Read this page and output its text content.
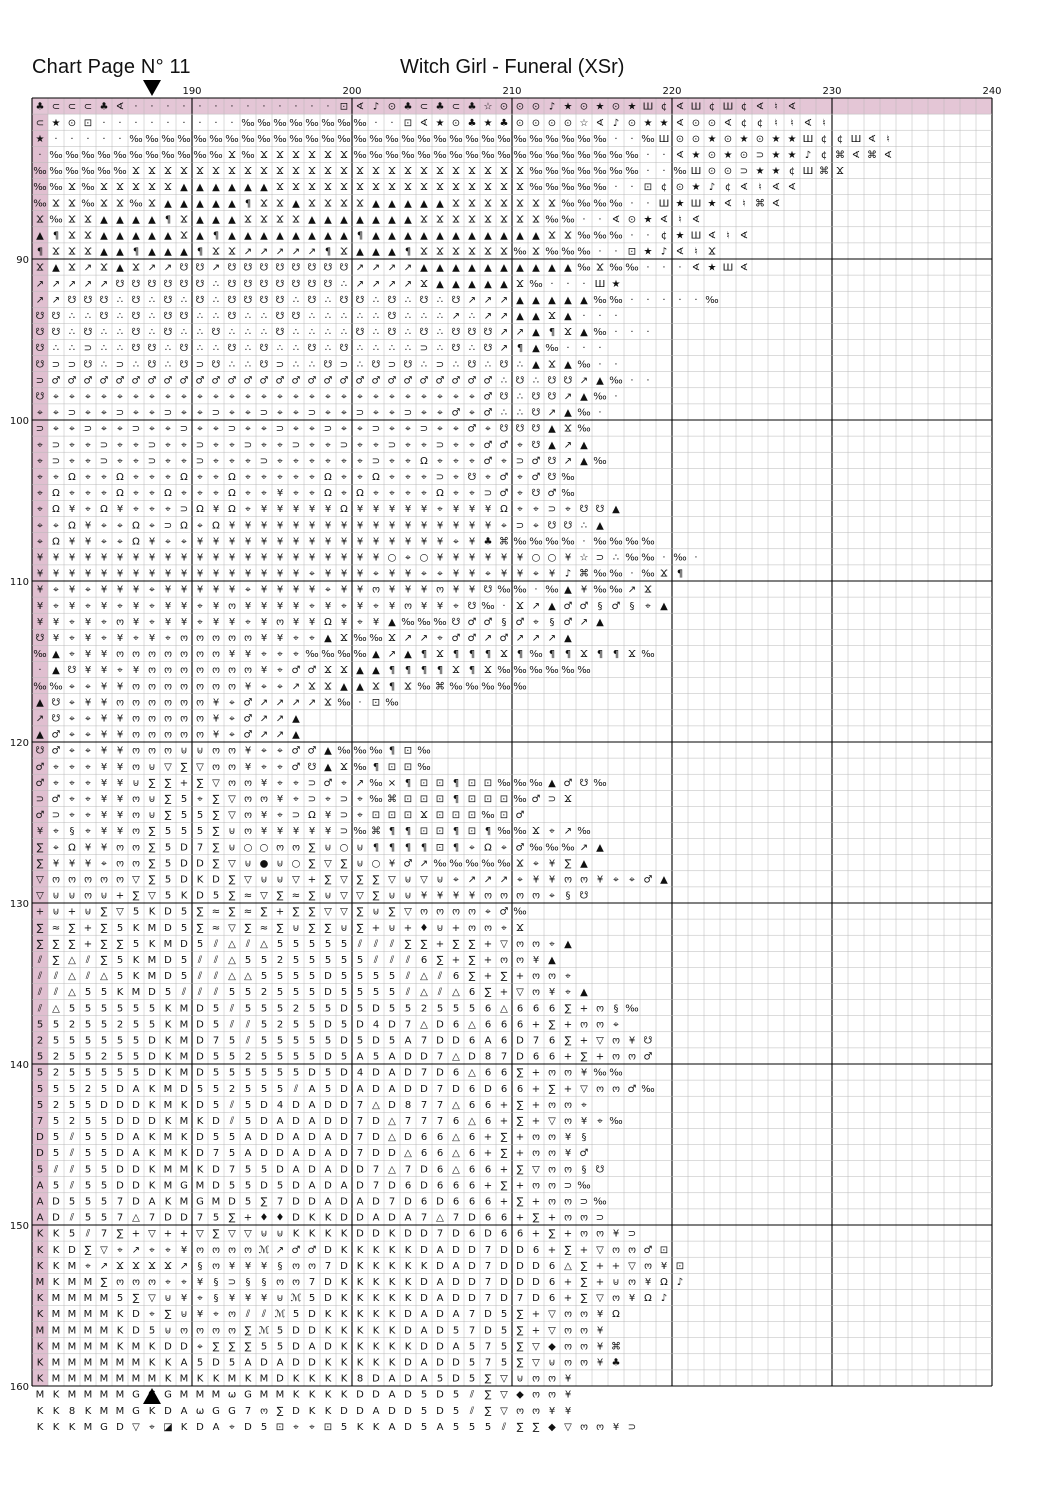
Chart Page N° 11	Witch Girl - Funeral (XSr)
♣ ⊂ ⊂ ⊂ ♣ ∢ · · · · · · · · · · · · · ⊡ ∢ ♪ ⊙ ♣ ⊂ ♣ ⊂ ♣ ☆ ⊙ ⊙ ⊙ ♪ ★ ⊙ ★ ⊙ ★ Ш ¢ ∢ Ш ¢ Ш ¢ ∢ ♮ ∢
⊂ ★ ⊙ ⊡ · · · · · · · · · ‰ ‰ ‰ ‰ ‰ ‰ ‰ ‰ · · ⊡ ∢ ★ ⊙ ♣ ★ ♣ ⊙ ⊙ ⊙ ⊙ ☆ ∢ ♪ ⊙ ★ ★ ∢ ⊙ ⊙ ∢ ¢ ¢ ♮ ♮ ∢ ♮
★ · · · · · ‰ ‰ ‰ ‰ ‰ ‰ ‰ ‰ ‰ ‰ ‰ ‰ ‰ ‰ ‰ ‰ ‰ ‰ ‰ ‰ ‰ ‰ ‰ ‰ ‰ ‰ ‰ ‰ ‰ ‰ · · ‰ Ш ⊙ ⊙ ★ ⊙ ★ ⊙ ★ ★ Ш ¢ ¢ Ш ∢ ♮
· ‰ ‰ ‰ ‰ ‰ ‰ ‰ ‰ ‰ ‰ ‰ Ϫ ‰ Ϫ Ϫ Ϫ Ϫ Ϫ Ϫ ‰ ‰ ‰ ‰ ‰ ‰ ‰ ‰ ‰ ‰ ‰ ‰ ‰ ‰ ‰ ‰ ‰ ‰ · · ∢ ★ ⊙ ★ ⊙ ⊃ ★ ★ ♪ ¢ ⌘ ∢ ⌘ ∢
‰ ‰ ‰ ‰ ‰ ‰ Ϫ Ϫ Ϫ Ϫ Ϫ Ϫ Ϫ Ϫ Ϫ Ϫ Ϫ Ϫ Ϫ Ϫ Ϫ Ϫ Ϫ Ϫ Ϫ Ϫ Ϫ Ϫ Ϫ Ϫ Ϫ ‰ ‰ ‰ ‰ ‰ ‰ ‰ · · ‰ Ш ⊙ ⊙ ⊃ ★ ★ ¢ Ш ⌘ Ϫ
‰ ‰ Ϫ ‰ Ϫ Ϫ Ϫ Ϫ Ϫ ▲ ▲ ▲ ▲ ▲ ▲ Ϫ Ϫ Ϫ Ϫ Ϫ Ϫ Ϫ Ϫ Ϫ Ϫ Ϫ Ϫ Ϫ Ϫ Ϫ Ϫ ‰ ‰ ‰ ‰ ‰ · · ⊡ ¢ ⊙ ★ ♪ ¢ ∢ ♮ ∢ ∢
‰ Ϫ Ϫ ‰ Ϫ Ϫ ‰ Ϫ ▲ ▲ ▲ ▲ ▲ ¶ Ϫ Ϫ ▲ Ϫ Ϫ Ϫ Ϫ ▲ ▲ ▲ ▲ ▲ Ϫ Ϫ Ϫ Ϫ Ϫ Ϫ Ϫ ‰ ‰ ‰ ‰ · · Ш ★ Ш ★ ∢ ♮ ⌘ ∢
Ϫ ‰ Ϫ Ϫ ▲ ▲ ▲ ▲ ¶ Ϫ ▲ ▲ ▲ Ϫ Ϫ Ϫ Ϫ ▲ ▲ ▲ ▲ ▲ ▲ ▲ Ϫ Ϫ Ϫ Ϫ Ϫ Ϫ Ϫ Ϫ ‰ ‰ · · ∢ ⊙ ★ ∢ ♮ ∢
▲ ¶ Ϫ Ϫ ▲ ▲ ▲ ▲ ▲ Ϫ ▲ ¶ ▲ ▲ ▲ ▲ ▲ ▲ ▲ ▲ ¶ ▲ ▲ ▲ ▲ ▲ ▲ ▲ ▲ ▲ ▲ ▲ Ϫ Ϫ ‰ ‰ ‰ · · ¢ ★ Ш ∢ ♮ ∢
¶ Ϫ Ϫ Ϫ ▲ ▲ ¶ ▲ ▲ ▲ ¶ Ϫ Ϫ ↗ ↗ ↗ ↗ ↗ ¶ Ϫ ▲ ▲ ▲ ¶ Ϫ Ϫ Ϫ Ϫ Ϫ Ϫ ‰ Ϫ ‰ ‰ ‰ · · ⊡ ★ ♪ ∢ ♮ Ϫ
Ϫ ▲ Ϫ ↗ Ϫ ▲ Ϫ ↗ ↗ ☋ ☋ ↗ ☋ ☋ ☋ ☋ ☋ ☋ ☋ ☋ ↗ ↗ ↗ ↗ ▲ ▲ ▲ ▲ ▲ ▲ ▲ ▲ ▲ ▲ ‰ Ϫ ‰ ‰ · · · ∢ ★ Ш ∢
↗ ↗ ↗ ↗ ↗ ☋ ☋ ☋ ☋ ☋ ☋ ∴ ☋ ☋ ☋ ☋ ☋ ☋ ☋ ∴ ↗ ↗ ↗ ↗ Ϫ ▲ ▲ ▲ ▲ ▲ Ϫ ‰ · · · Ш ★
↗ ↗ ☋ ☋ ☋ ∴ ☋ ∴ ☋ ∴ ☋ ∴ ☋ ☋ ☋ ☋ ∴ ☋ ∴ ☋ ☋ ∴ ☋ ∴ ☋ ∴ ☋ ↗ ↗ ↗ ▲ ▲ ▲ ▲ ▲ ‰ ‰ · · · · · ‰
☋ ☋ ∴ ∴ ☋ ∴ ☋ ∴ ☋ ☋ ∴ ∴ ☋ ∴ ∴ ☋ ☋ ∴ ∴ ∴ ∴ ∴ ☋ ∴ ∴ ∴ ↗ ∴ ↗ ↗ ▲ ▲ Ϫ ▲ · · ·
☋ ☋ ∴ ☋ ∴ ∴ ☋ ∴ ☋ ∴ ∴ ☋ ∴ ∴ ∴ ☋ ∴ ∴ ∴ ∴ ☋ ∴ ☋ ∴ ☋ ∴ ☋ ☋ ☋ ↗ ↗ ▲ ¶ Ϫ ▲ ‰ · · ·
☋ ∴ ∴ ⊃ ∴ ∴ ☋ ☋ ∴ ☋ ∴ ∴ ☋ ∴ ☋ ∴ ∴ ☋ ∴ ☋ ∴ ∴ ∴ ∴ ⊃ ∴ ☋ ∴ ☋ ↗ ¶ ▲ ‰ · · ·
☋ ⊃ ⊃ ☋ ∴ ⊃ ∴ ☋ ∴ ☋ ⊃ ☋ ∴ ∴ ☋ ⊃ ∴ ∴ ☋ ⊃ ∴ ☋ ⊃ ☋ ∴ ⊃ ∴ ☋ ∴ ☋ ∴ ▲ Ϫ ▲ ‰ · ·
⊃ ♂ ♂ ♂ ♂ ♂ ♂ ♂ ♂ ♂ ♂ ♂ ♂ ♂ ♂ ♂ ♂ ♂ ♂ ♂ ♂ ♂ ♂ ♂ ♂ ♂ ♂ ♂ ♂ ∴ ☋ ∴ ☋ ☋ ↗ ▲ ‰ · ·
☋ ⌖ ⌖ ⌖ ⌖ ⌖ ⌖ ⌖ ⌖ ⌖ ⌖ ⌖ ⌖ ⌖ ⌖ ⌖ ⌖ ⌖ ⌖ ⌖ ⌖ ⌖ ⌖ ⌖ ⌖ ⌖ ⌖ ⌖ ♂ ☋ ∴ ☋ ☋ ↗ ▲ ‰ ·
⌖ ⌖ ⊃ ⌖ ⌖ ⊃ ⌖ ⌖ ⊃ ⌖ ⌖ ⊃ ⌖ ⌖ ⊃ ⌖ ⌖ ⊃ ⌖ ⌖ ⊃ ⌖ ⌖ ⊃ ⌖ ⌖ ♂ ⌖ ♂ ∴ ∴ ☋ ↗ ▲ ‰ ·
⊃ ⌖ ⌖ ⊃ ⌖ ⌖ ⊃ ⌖ ⌖ ⊃ ⌖ ⌖ ⊃ ⌖ ⌖ ⊃ ⌖ ⌖ ⊃ ⌖ ⌖ ⊃ ⌖ ⌖ ⊃ ⌖ ⌖ ♂ ⌖ ☋ ☋ ☋ ▲ Ϫ ‰
⌖ ⊃ ⌖ ⌖ ⊃ ⌖ ⌖ ⊃ ⌖ ⌖ ⊃ ⌖ ⌖ ⊃ ⌖ ⌖ ⊃ ⌖ ⌖ ⊃ ⌖ ⌖ ⊃ ⌖ ⌖ ⊃ ⌖ ⌖ ♂ ♂ ⌖ ☋ ▲ ↗ ▲
⌖ ⊃ ⌖ ⌖ ⊃ ⌖ ⌖ ⊃ ⌖ ⌖ ⊃ ⌖ ⌖ ⌖ ⊃ ⌖ ⌖ ⌖ ⌖ ⌖ ⌖ ⊃ ⌖ ⌖ Ω ⌖ ⌖ ⌖ ♂ ⌖ ⊃ ♂ ☋ ↗ ▲ ‰
⌖ ⌖ Ω ⌖ ⌖ Ω ⌖ ⌖ ⌖ Ω ⌖ ⌖ Ω ⌖ ⌖ ⌖ ⌖ ⌖ Ω ⌖ ⌖ Ω ⌖ ⌖ ⌖ ⊃ ⌖ ☋ ⌖ ♂ ⌖ ♂ ☋ ‰
⌖ Ω ⌖ ⌖ ⌖ Ω ⌖ ⌖ Ω ⌖ ⌖ ⌖ Ω ⌖ ⌖ ¥ ⌖ ⌖ Ω ⌖ Ω ⌖ ⌖ ⌖ ⌖ Ω ⌖ ⌖ ⊃ ♂ ⌖ ☋ ♂ ‰
⌖ Ω ¥ ⌖ Ω ¥ ⌖ ⌖ ⌖ ⊃ Ω ¥ Ω ⌖ ¥ ¥ ¥ ¥ ¥ Ω ¥ ¥ ¥ ¥ ¥ ⌖ ¥ ¥ ¥ Ω ⌖ ⌖ ⊃ ⌖ ☋ ☋ ▲
⌖ ⌖ Ω ¥ ⌖ ⌖ Ω ⌖ ⊃ Ω ⌖ Ω ¥ ¥ ¥ ¥ ¥ ¥ ¥ ¥ ¥ ¥ ¥ ¥ ¥ ¥ ¥ ¥ ¥ ⌖ ⊃ ⌖ ☋ ☋ ∴ ▲
⌖ Ω ¥ ¥ ⌖ ⌖ Ω ¥ ⌖ ⌖ ¥ ¥ ¥ ¥ ¥ ¥ ¥ ¥ ¥ ¥ ¥ ¥ ¥ ¥ ¥ ¥ ⌖ ¥ ♣ ⌘ ‰ ‰ ‰ ‰ · ‰ ‰ ‰ ‰
¥ ¥ ¥ ¥ ¥ ¥ ¥ ¥ ¥ ¥ ¥ ¥ ¥ ¥ ¥ ¥ ¥ ¥ ¥ ¥ ¥ ¥ ○ ⌖ ○ ¥ ¥ ¥ ¥ ¥ ¥ ○ ○ ¥ ☆ ⊃ ∴ ‰ ‰ · ‰ ·
¥ ¥ ¥ ¥ ¥ ¥ ¥ ¥ ¥ ¥ ¥ ¥ ¥ ¥ ¥ ¥ ¥ ⌖ ¥ ¥ ¥ ⌖ ¥ ¥ ⌖ ⌖ ¥ ¥ ⌖ ¥ ¥ ⌖ ¥ ♪ ⌘ ‰ ‰ · ‰ Ϫ ¶
¥ ⌖ ¥ ⌖ ¥ ¥ ¥ ⌖ ¥ ¥ ¥ ¥ ¥ ⌖ ¥ ¥ ¥ ¥ ⌖ ¥ ¥ ო ¥ ¥ ¥ ო ¥ ¥ ☋ ‰ ‰ · ‰ ▲ ¥ ‰ ‰ ↗ Ϫ
¥ ⌖ ¥ ⌖ ¥ ⌖ ¥ ⌖ ¥ ¥ ⌖ ¥ ო ¥ ¥ ¥ ¥ ⌖ ¥ ⌖ ¥ ⌖ ¥ ო ¥ ¥ ⌖ ☋ ‰ · Ϫ ↗ ▲ ♂ ♂ § ♂ § ⌖ ▲
¥ ¥ ⌖ ¥ ⌖ ო ¥ ⌖ ¥ ¥ ⌖ ¥ ¥ ⌖ ¥ ო ¥ ¥ Ω ¥ ⌖ ¥ ▲ ‰ ‰ ‰ ☋ ♂ ♂ § ♂ ⌖ § ♂ ↗ ▲
☋ ¥ ⌖ ¥ ⌖ ¥ ⌖ ¥ ⌖ ო ო ო ო ო ¥ ¥ ⌖ ⌖ ▲ Ϫ ‰ ‰ Ϫ ↗ ↗ ⌖ ♂ ♂ ↗ ♂ ↗ ↗ ↗ ▲
‰ ▲ ⌖ ¥ ¥ ო ო ო ო ო ო ო ¥ ¥ ⌖ ⌖ ⌖ ‰ ‰ ‰ ‰ ▲ ↗ ▲ ¶ Ϫ ¶ ¶ ¶ Ϫ ¶ ‰ ¶ ¶ Ϫ ¶ ¶ Ϫ ‰
· ▲ ☋ ¥ ¥ ⌖ ¥ ო ო ო ო ო ო ო ¥ ⌖ ♂ ♂ Ϫ Ϫ ▲ ▲ ¶ ¶ ¶ ¶ Ϫ ¶ Ϫ ‰ ‰ ‰ ‰ ‰ ‰
‰ ‰ ⌖ ⌖ ¥ ¥ ო ო ო ო ო ო ო ¥ ⌖ ⌖ ↗ Ϫ Ϫ ▲ ▲ Ϫ ¶ Ϫ ‰ ⌘ ‰ ‰ ‰ ‰ ‰
▲ ☋ ⌖ ¥ ¥ ო ო ო ო ო ო ¥ ⌖ ♂ ↗ ↗ ↗ ↗ Ϫ ‰ · ⊡ ‰
↗ ☋ ⌖ ⌖ ¥ ¥ ო ო ო ო ო ¥ ⌖ ♂ ↗ ↗ ▲
▲ ♂ ⌖ ⌖ ¥ ¥ ო ო ო ო ო ¥ ⌖ ♂ ↗ ↗ ▲
☋ ♂ ⌖ ⌖ ¥ ¥ ო ო ო ⊍ ⊍ ო ო ¥ ⌖ ⌖ ♂ ♂ ▲ ‰ ‰ ‰ ¶ ⊡ ‰
♂ ⌖ ⌖ ⌖ ¥ ¥ ო ⊍ ▽ ∑ ▽ ო ო ¥ ⌖ ⌖ ♂ ☋ ▲ Ϫ ‰ ¶ ⊡ ⊡ ‰
♂ ⌖ ⌖ ⌖ ¥ ¥ ⊍ ∑ ∑ + ∑ ▽ ო ო ¥ ⌖ ⌖ ⊃ ♂ ⌖ ↗ ‰ × ¶ ⊡ ⊡ ¶ ⊡ ⊡ ‰ ‰ ‰ ▲ ♂ ☋ ‰
⊃ ♂ ⌖ ⌖ ¥ ¥ ო ⊍ ∑ 5 ⌖ ∑ ▽ ო ო ¥ ⌖ ⊃ ⌖ ⊃ ⌖ ‰ ⌘ ⊡ ⊡ ⊡ ¶ ⊡ ⊡ ⊡ ‰ ♂ ⊃ Ϫ
♂ ⊃ ⌖ ⌖ ¥ ¥ ო ⊍ ∑ 5 5 ∑ ▽ ო ¥ ⌖ ⊃ Ω ¥ ⊃ ⌖ ⊡ ⊡ ⊡ Ϫ ⊡ ⊡ ⊡ ‰ ⊡ ♂
¥ ⌖ § ⌖ ¥ ¥ ო ∑ 5 5 5 ∑ ⊍ ო ¥ ¥ ¥ ¥ ¥ ⊃ ‰ ⌘ ¶ ¶ ⊡ ⊡ ¶ ⊡ ¶ ‰ ‰ Ϫ ⌖ ↗ ‰
∑ ⌖ Ω ¥ ¥ ო ო ∑ 5 D 7 ∑ ⊍ ○ ○ ო ო ∑ ⊍ ○ ⊍ ¶ ¶ ¶ ¶ ⊡ ¶ ⌖ Ω ⌖ ♂ ‰ ‰ ‰ ↗ ▲
∑ ¥ ¥ ¥ ⌖ ო ო ∑ 5 D D ∑ ▽ ⊍ ● ⊍ ○ ∑ ▽ ∑ ⊍ ○ ¥ ♂ ↗ ‰ ‰ ‰ ‰ ‰ Ϫ ⌖ ¥ ∑ ▲
▽ ო ო ო ო ო ▽ ∑ 5 D K D ∑ ▽ ⊍ ⊍ ▽ + ∑ ▽ ∑ ∑ ▽ ⊍ ▽ ⊍ ⌖ ↗ ↗ ↗ ⌖ ¥ ¥ ო ო ¥ ⌖ ⌖ ♂ ▲
▽ ⊍ ⊍ ო ⊍ + ∑ ▽ 5 K D 5 ∑ ≈ ▽ ∑ ≈ ∑ ⊍ ▽ ▽ ∑ ⊍ ⊍ ¥ ¥ ¥ ¥ ო ო ო ო ⌖ § ☋
+ ⊍ + ⊍ ∑ ▽ 5 K D 5 ∑ ≈ ∑ ≈ ∑ + ∑ ∑ ▽ ▽ ∑ ⊍ ∑ ▽ ო ო ო ო ⌖ ♂ ‰
∑ ≈ ∑ + ∑ 5 K M D 5 ∑ ≈ ▽ ∑ ≈ ∑ ⊍ ∑ ∑ ⊍ ∑ + ⊍ + ♦ ⊍ + ო ო ⌖ Ϫ
∑ ∑ ∑ + ∑ ∑ 5 K M D 5 ⫽ △ ⫽ △ 5 5 5 5 5 ⫽ ⫽ ⫽ ∑ ∑ + ∑ ∑ + ▽ ო ო ⌖ ▲
⫽ ∑ △ ⫽ ∑ 5 K M D 5 ⫽ ⫽ △ 5 5 2 5 5 5 5 5 ⫽ ⫽ ⫽ 6 ∑ + ∑ + ო ო ¥ ▲
⫽ ⫽ △ ⫽ △ 5 K M D 5 ⫽ ⫽ △ △ 5 5 5 5 D 5 5 5 5 ⫽ △ ⫽ 6 ∑ + ∑ + ო ო ⌖
⫽ ⫽ △ 5 5 K M D 5 ⫽ ⫽ ⫽ 5 5 2 5 5 5 D 5 5 5 5 ⫽ △ ⫽ △ 6 ∑ + ▽ ო ¥ ⌖ ▲
⫽ △ 5 5 5 5 5 5 K M D 5 ⫽ 5 5 5 2 5 5 D 5 D 5 5 2 5 5 5 6 △ 6 6 6 ∑ + ო § ‰
5 5 2 5 5 2 5 5 K M D 5 ⫽ ⫽ 5 2 5 5 D 5 D 4 D 7 △ D 6 △ 6 6 6 + ∑ + ო ო ⌖
2 5 5 5 5 5 5 D K M D 7 5 ⫽ 5 5 5 5 5 D 5 D 5 A 7 D D 6 A 6 D 7 6 ∑ + ▽ ო ¥ ☋
5 2 5 5 2 5 5 D K M D 5 5 2 5 5 5 5 D 5 A 5 A D D 7 △ D 8 7 D 6 6 + ∑ + ო ო ♂
5 2 5 5 5 5 5 D K M D 5 5 5 5 5 5 D 5 D 4 D A D 7 D 6 △ 6 6 ∑ + ო ო ¥ ‰ ‰
5 5 5 2 5 D A K M D 5 5 2 5 5 5 ⫽ A 5 D A D A D D 7 D 6 D 6 6 + ∑ + ▽ ო ო ♂ ‰
5 2 5 5 D D D K M K D 5 ⫽ 5 D 4 D A D D 7 △ D 8 7 7 △ 6 6 + ∑ + ო ო ⌖
7 5 2 5 5 D D D K M K D ⫽ 5 D A D A D D 7 D △ 7 7 7 6 △ 6 + ∑ + ▽ ო ¥ ⌖ ‰
D 5 ⫽ 5 5 D A K M K D 5 5 A D D A D A D 7 D △ D 6 6 △ 6 + ∑ + ო ო ¥ §
D 5 ⫽ 5 5 D A K M K D 7 5 A D D A D A D 7 D D △ 6 6 △ 6 + ∑ + ო ო ¥ ♂
5 ⫽ ⫽ 5 5 D D K M M K D 7 5 5 D A D A D D 7 △ 7 D 6 △ 6 6 + ∑ ▽ ო ო § ☋
A 5 ⫽ 5 5 D D K M G M D 5 5 D 5 D A D A D 7 D 6 D 6 6 6 + ∑ + ო ო ⊃ ‰
A D 5 5 5 7 D A K M G M D 5 ∑ 7 D D A D A D 7 D 6 D 6 6 6 + ∑ + ო ო ⊃ ‰
A D ⫽ 5 5 7 △ 7 D D 7 5 ∑ + ♦ ♦ D K K D D A D A 7 △ 7 D 6 6 + ∑ + ო ო ⊃
K K 5 ⫽ 7 ∑ + ▽ + + ▽ ∑ ▽ ▽ ⊍ ⊍ K K K K D D K D D 7 D 6 D 6 6 + ∑ + ო ო ¥ ⊃
K K D ∑ ▽ ⌖ ↗ ⌖ ⌖ ¥ ო ო ო ო ℳ ↗ ♂ ♂ D K K K K K D A D D 7 D D 6 + ∑ + ▽ ო ო ♂ ⊡
K K M ⌖ ↗ Ϫ Ϫ Ϫ Ϫ ↗ § ო ¥ ¥ ¥ § ო ო 7 D K K K K K D A D 7 D D D 6 △ ∑ + + ▽ ო ¥ ⊡
M K M M ∑ ო ო ო ⌖ ⌖ ¥ § ⊃ § § ო ო 7 D K K K K K D A D D 7 D D D 6 + ∑ + ⊍ ო ¥ Ω ♪
K M M M M 5 ∑ ▽ ⊍ ¥ ⌖ § ¥ ¥ ¥ ⊍ ℳ 5 D K K K K K D A D D 7 D 7 D 6 + ∑ ▽ ო ¥ Ω ♪
K M M M M K D ⌖ ∑ ⊍ ¥ ⌖ ო ⫽ ⫽ ℳ 5 D K K K K K D A D A 7 D 5 ∑ + ▽ ო ო ¥ Ω
M M M M M K D 5 ⊍ ო ო ო ო ∑ ℳ 5 D D K K K K K D A D 5 7 D 5 ∑ + ▽ ო ო ¥
K M M M M K M K D D ⌖ ∑ ∑ ∑ 5 5 D A D K K K K K D D A 5 7 5 ∑ ▽ ◆ ო ო ¥ ⌘
K M M M M M M K K A 5 D 5 A D A D D K K K K K D A D D 5 7 5 ∑ ▽ ⊍ ო ო ¥ ♣
K M M M M M M M K M K K M K M D K K K K 8 D A D A 5 D 5 ∑ ▽ ⊍ ო ო ¥
M K M M M M G G M M M ω G M M K K K K D D A D 5 D 5 ⫽ ∑ ▽ ◆ ო ო ¥
K K 8 K M M G K D A ω G G 7 ო ∑ D K K D D A D D 5 D 5 ⫽ ∑ ▽ ო ო ¥ ¥
K K K M G D ▽ ⌖ ◪ K D A ⌖ D 5 ⊡ ⌖ ⌖ ⊡ 5 K K A D 5 A 5 5 5 ⫽ ∑ ∑ ◆ ▽ ო ო ¥ ⊃
190	200	210	220	230	240
90
100
110
120
130
140
150
160
